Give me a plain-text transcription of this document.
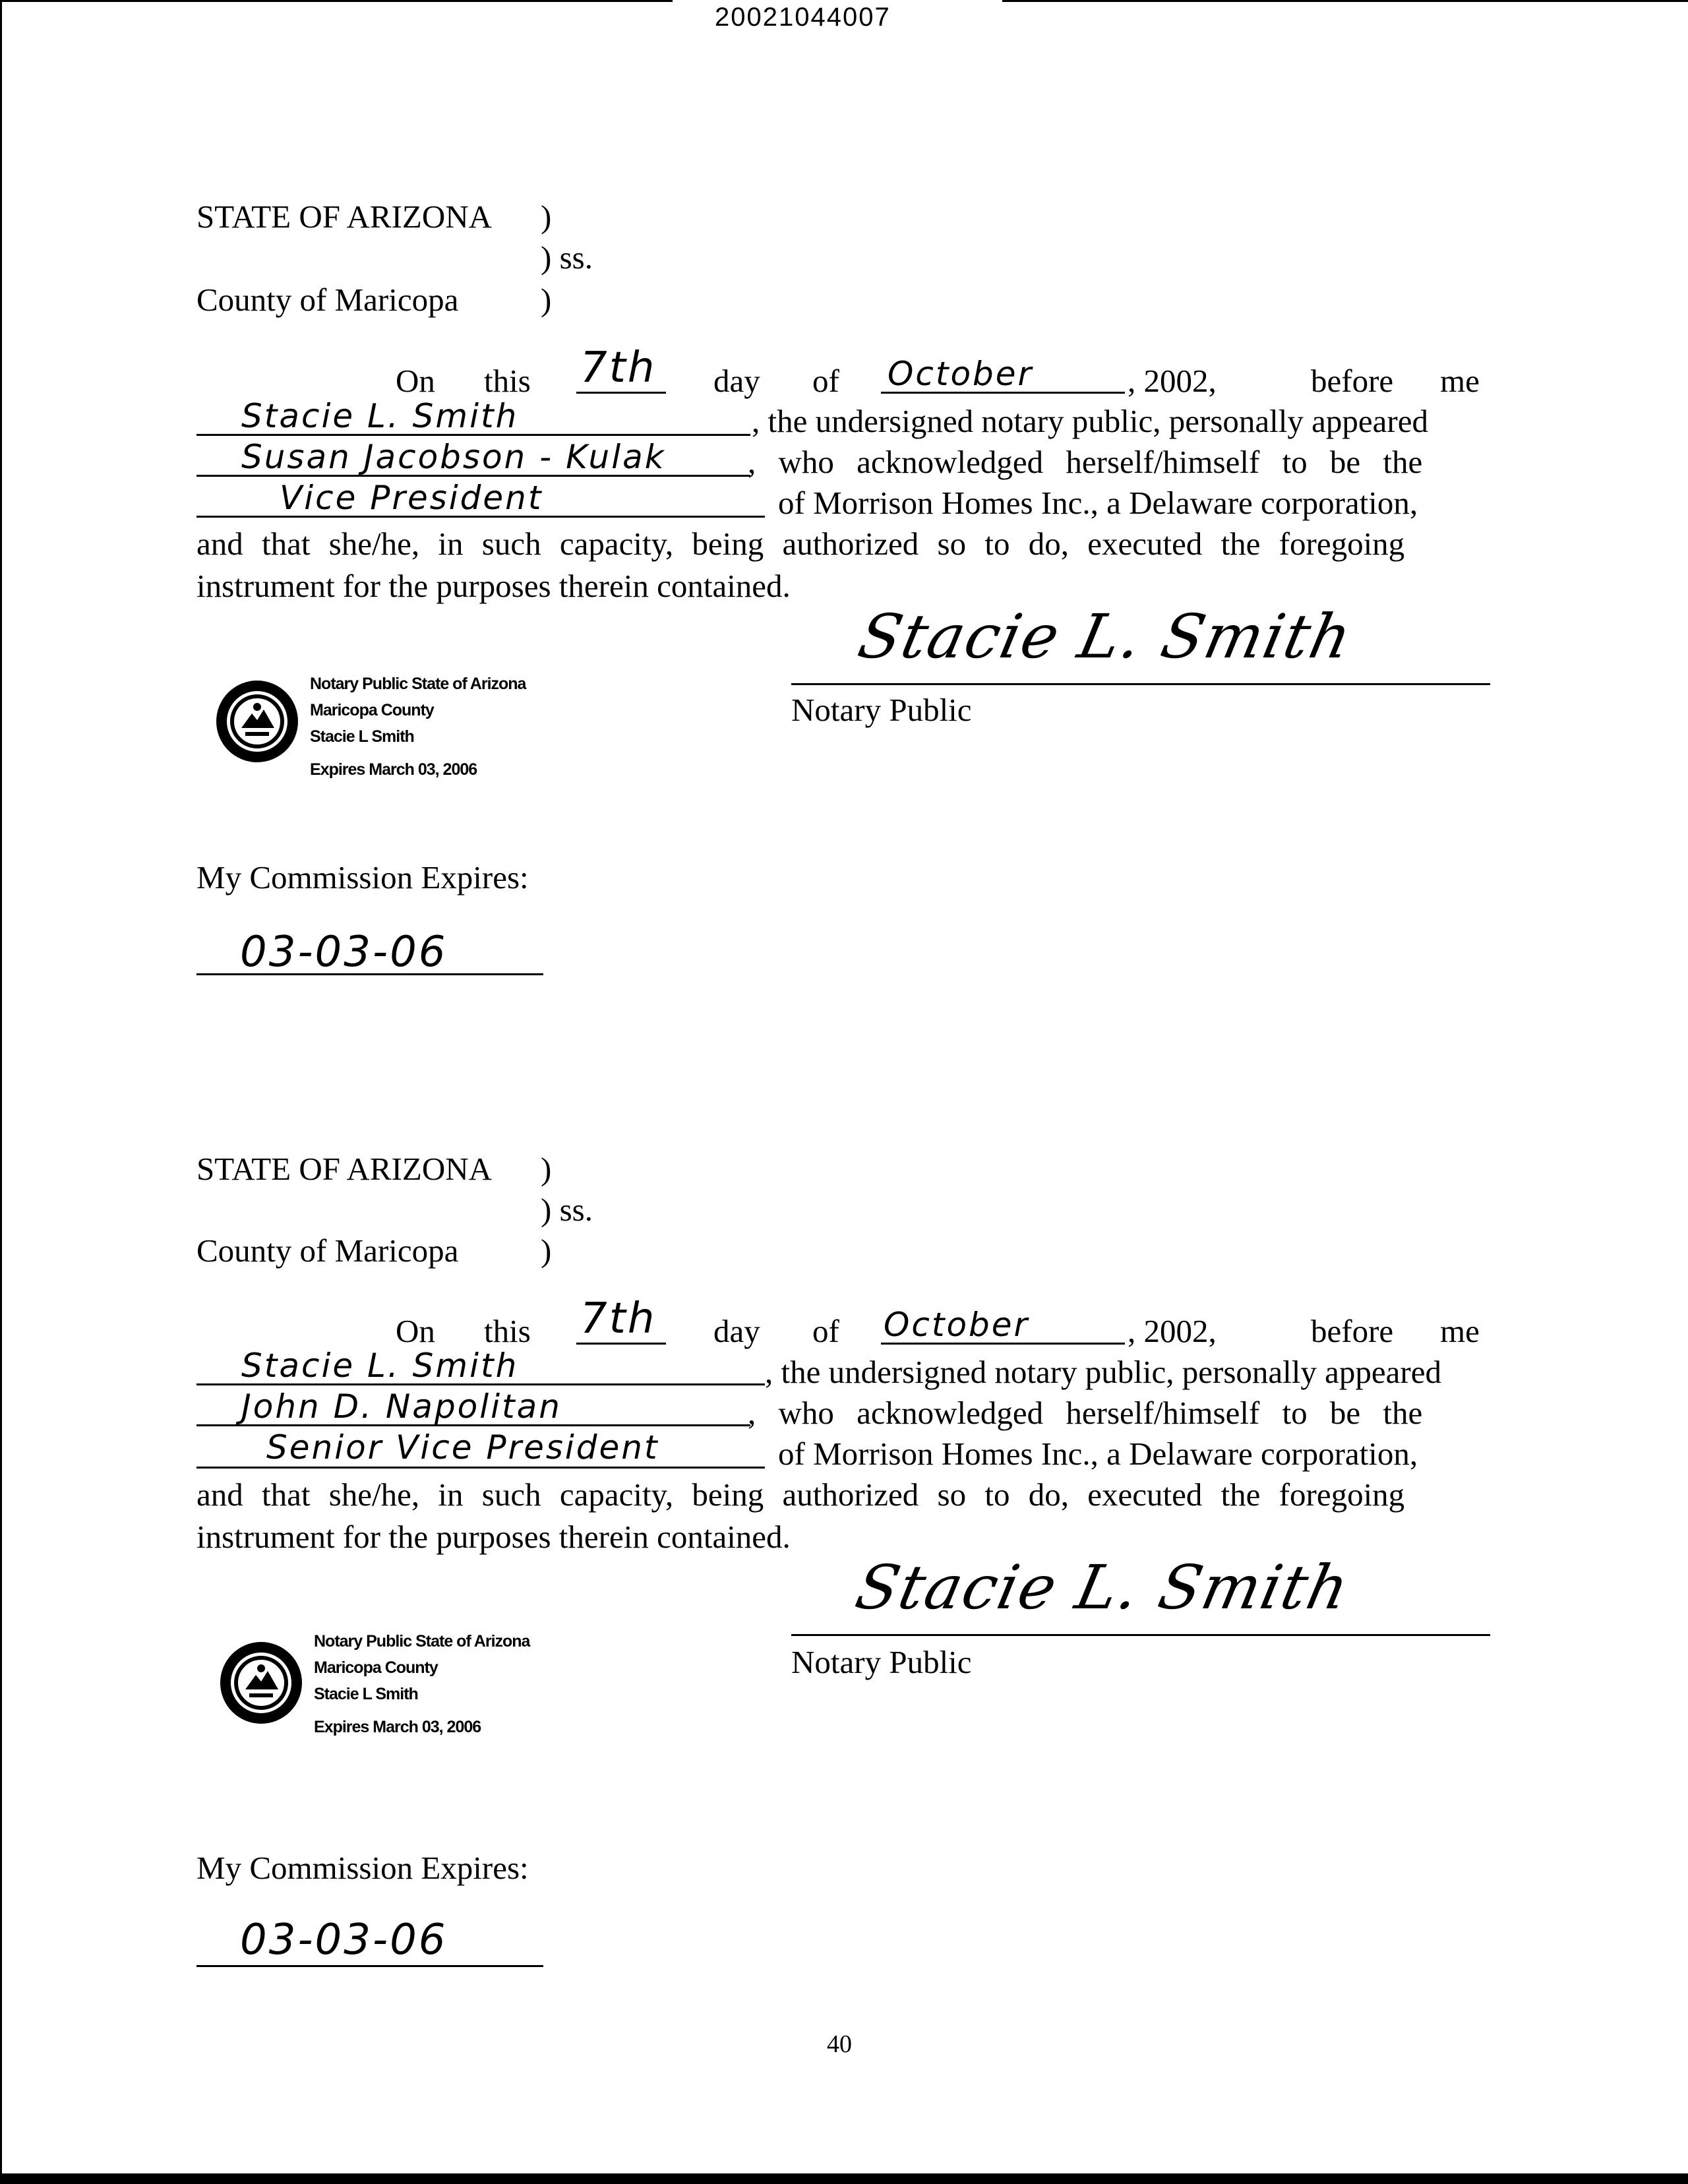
20021044007
STATE OF ARIZONA )
) ss.
County of Maricopa	)
On this 7th day of October	, 2002,	before me
Stacie L. Smith	, the undersigned notary public, personally appeared
Susan Jacobson - Kulak	, who acknowledged herself/himself to be the
Vice President	of Morrison Homes Inc., a Delaware corporation,
and that she/he, in such capacity, being authorized so to do, executed the foregoing
instrument for the purposes therein contained.
Stacie L. Smith
Notary Public
Notary Public State of Arizona
Maricopa County
Stacie L Smith
Expires March 03, 2006
My Commission Expires:
03-03-06
STATE OF ARIZONA )
) ss.
County of Maricopa	)
On this 7th day of October	, 2002,	before me
Stacie L. Smith	, the undersigned notary public, personally appeared
John D. Napolitan	, who acknowledged herself/himself to be the
Senior Vice President	of Morrison Homes Inc., a Delaware corporation,
and that she/he, in such capacity, being authorized so to do, executed the foregoing
instrument for the purposes therein contained.
Stacie L. Smith
Notary Public
Notary Public State of Arizona
Maricopa County
Stacie L Smith
Expires March 03, 2006
My Commission Expires:
03-03-06
40
